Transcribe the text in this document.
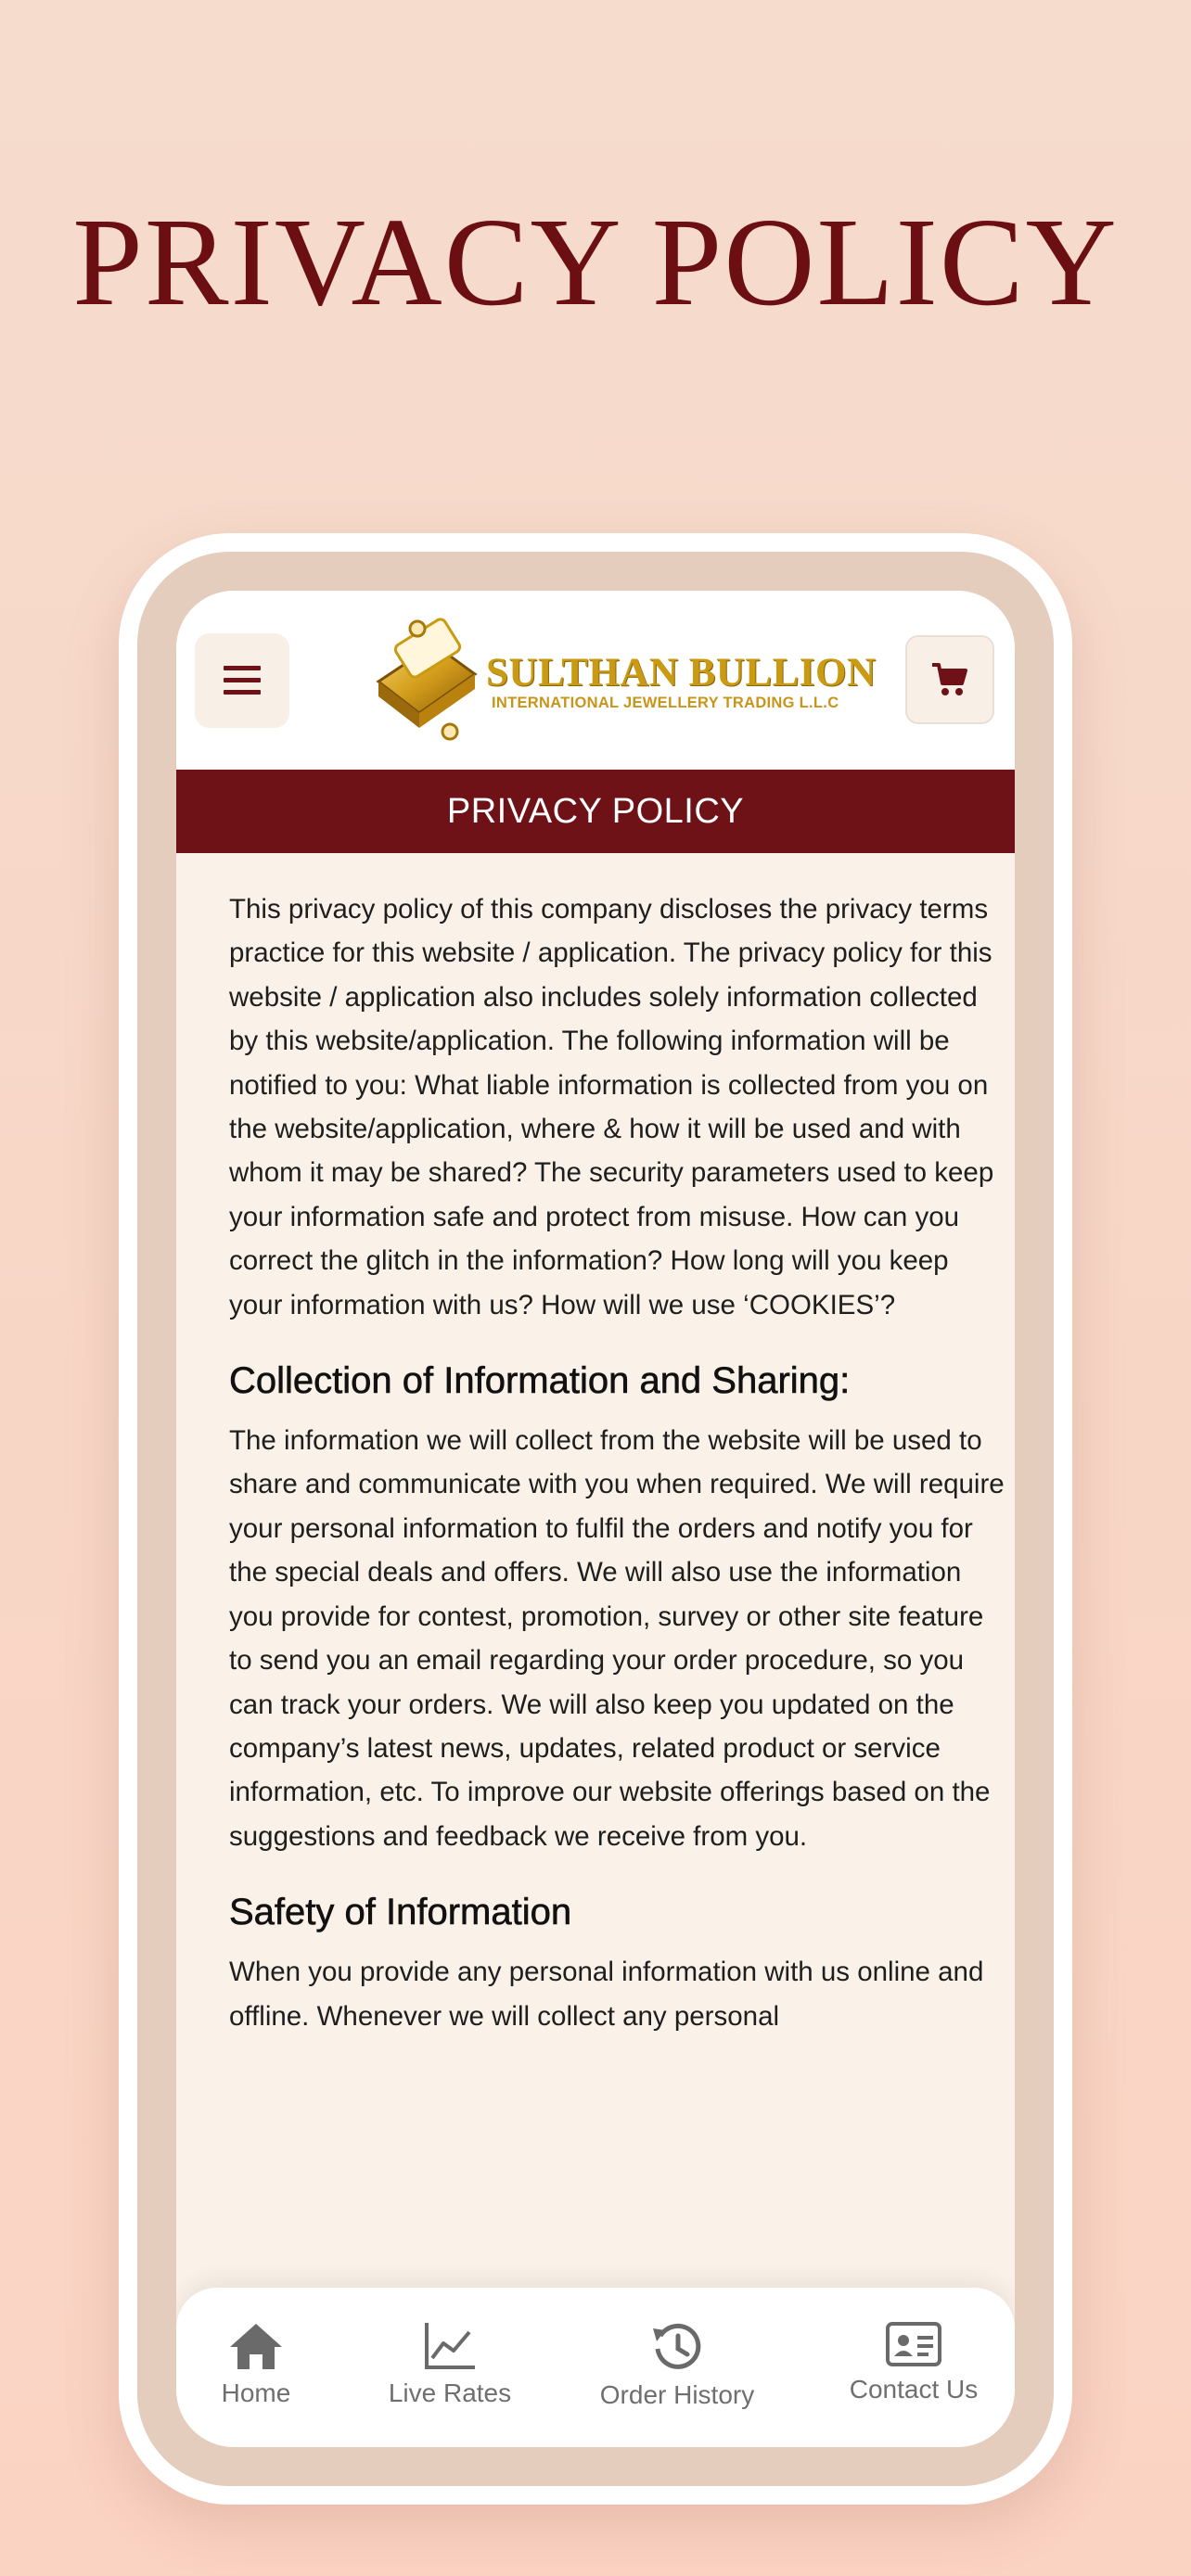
PRIVACY POLICY
SULTHAN BULLION
INTERNATIONAL JEWELLERY TRADING L.L.C
PRIVACY POLICY

This privacy policy of this company discloses the privacy terms practice for this website / application. The privacy policy for this website / application also includes solely information collected by this website/application. The following information will be notified to you: What liable information is collected from you on the website/application, where & how it will be used and with whom it may be shared? The security parameters used to keep your information safe and protect from misuse. How can you correct the glitch in the information? How long will you keep your information with us? How will we use ‘COOKIES’?

Collection of Information and Sharing:

The information we will collect from the website will be used to share and communicate with you when required. We will require your personal information to fulfil the orders and notify you for the special deals and offers. We will also use the information you provide for contest, promotion, survey or other site feature to send you an email regarding your order procedure, so you can track your orders. We will also keep you updated on the company’s latest news, updates, related product or service information, etc. To improve our website offerings based on the suggestions and feedback we receive from you.

Safety of Information

When you provide any personal information with us online and offline. Whenever we will collect any personal

Home	Live Rates	Order History	Contact Us
